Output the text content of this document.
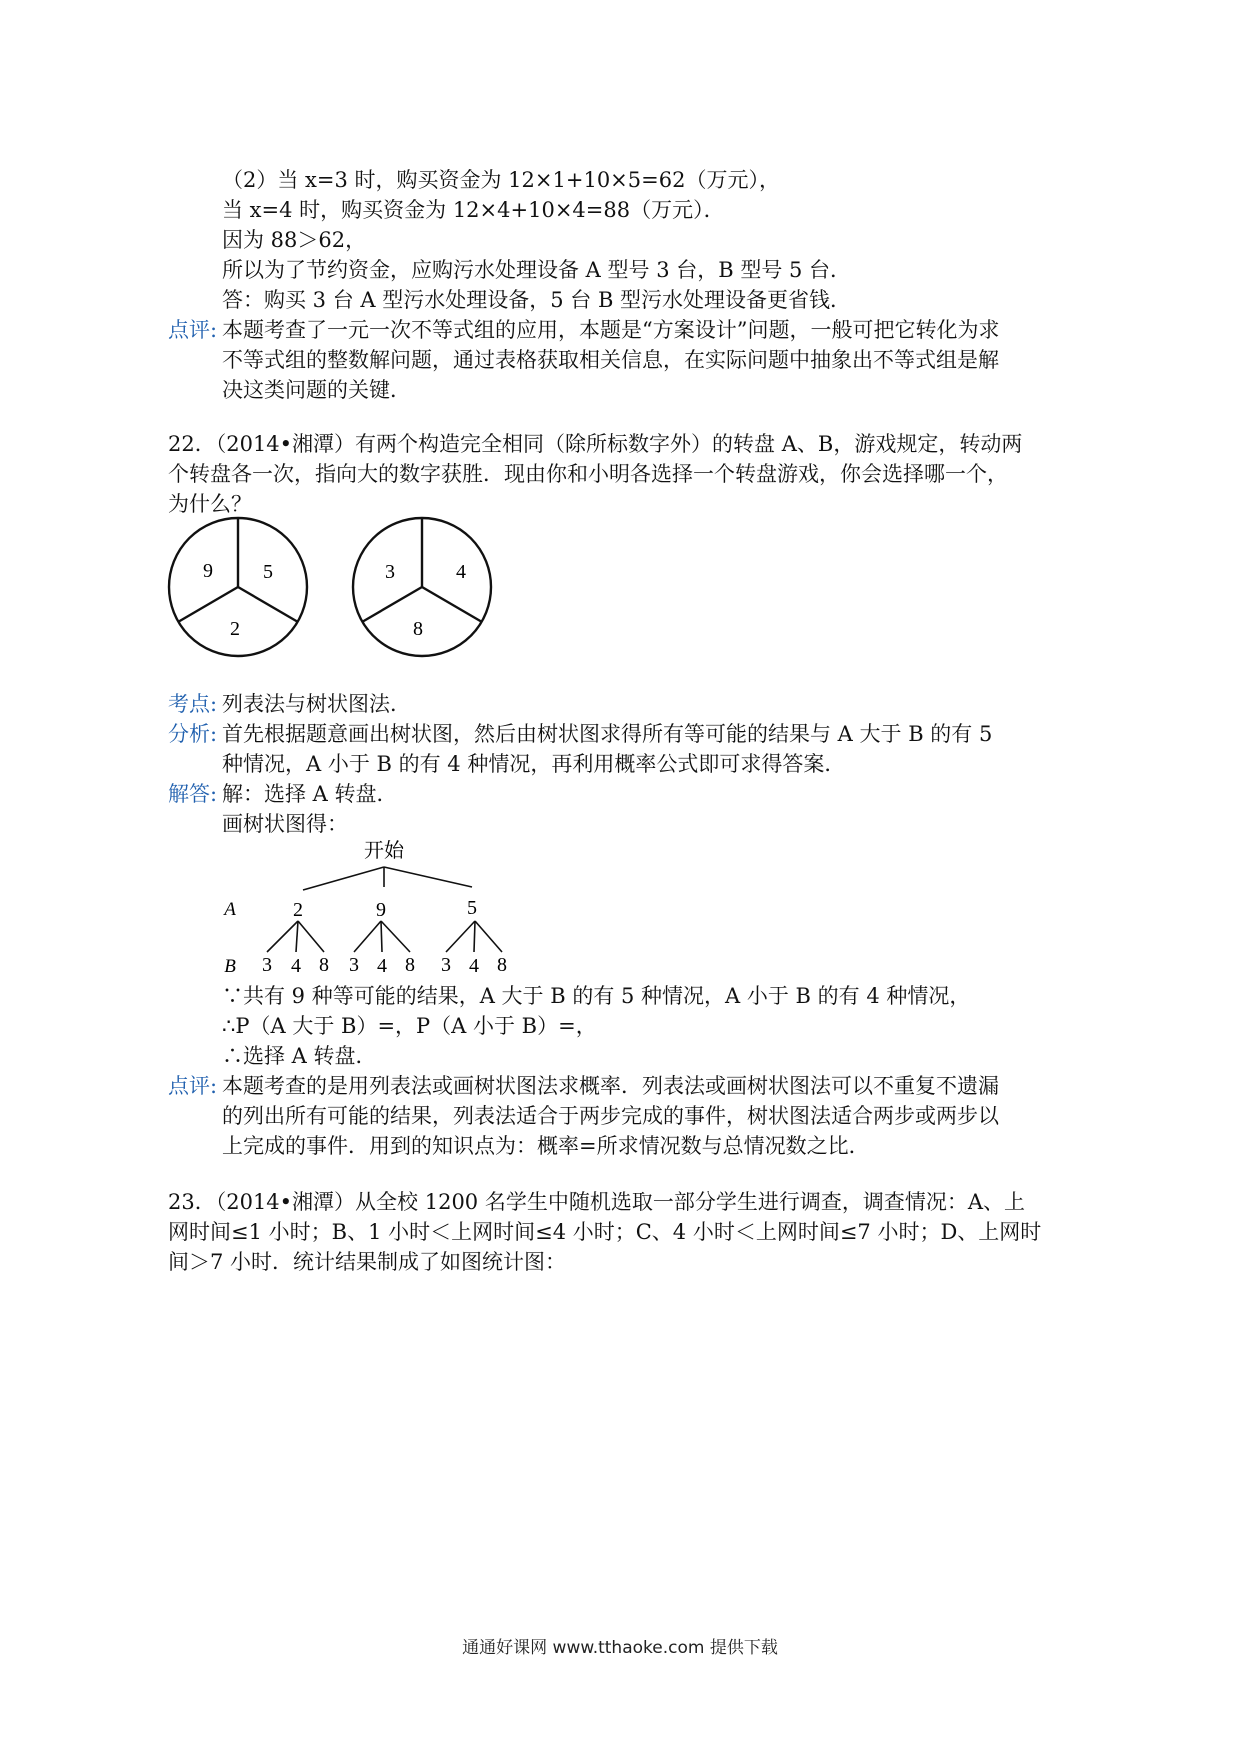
（2）当 x=3 时，购买资金为 12×1+10×5=62（万元），
当 x=4 时，购买资金为 12×4+10×4=88（万元）．
因为 88＞62，
所以为了节约资金，应购污水处理设备 A 型号 3 台，B 型号 5 台．
答：购买 3 台 A 型污水处理设备，5 台 B 型污水处理设备更省钱．
点评: 本题考查了一元一次不等式组的应用，本题是“方案设计”问题，一般可把它转化为求
不等式组的整数解问题，通过表格获取相关信息，在实际问题中抽象出不等式组是解
决这类问题的关键．
22．（2014•湘潭）有两个构造完全相同（除所标数字外）的转盘 A、B，游戏规定，转动两
个转盘各一次，指向大的数字获胜．现由你和小明各选择一个转盘游戏，你会选择哪一个，
为什么？
9	5
2
3	4
8
考点: 列表法与树状图法．
分析: 首先根据题意画出树状图，然后由树状图求得所有等可能的结果与 A 大于 B 的有 5
种情况，A 小于 B 的有 4 种情况，再利用概率公式即可求得答案．
解答: 解：选择 A 转盘．
画树状图得：
开始
A	2	9	5
B 3 4 8 3 4 8 3 4 8
∵共有 9 种等可能的结果，A 大于 B 的有 5 种情况，A 小于 B 的有 4 种情况，
∴P（A 大于 B）=，P（A 小于 B）=，
∴选择 A 转盘．
点评: 本题考查的是用列表法或画树状图法求概率．列表法或画树状图法可以不重复不遗漏
的列出所有可能的结果，列表法适合于两步完成的事件，树状图法适合两步或两步以
上完成的事件．用到的知识点为：概率=所求情况数与总情况数之比．
23．（2014•湘潭）从全校 1200 名学生中随机选取一部分学生进行调查，调查情况：A、上
网时间≤1 小时；B、1 小时＜上网时间≤4 小时；C、4 小时＜上网时间≤7 小时；D、上网时
间＞7 小时．统计结果制成了如图统计图：
通通好课网 www.tthaoke.com 提供下载
